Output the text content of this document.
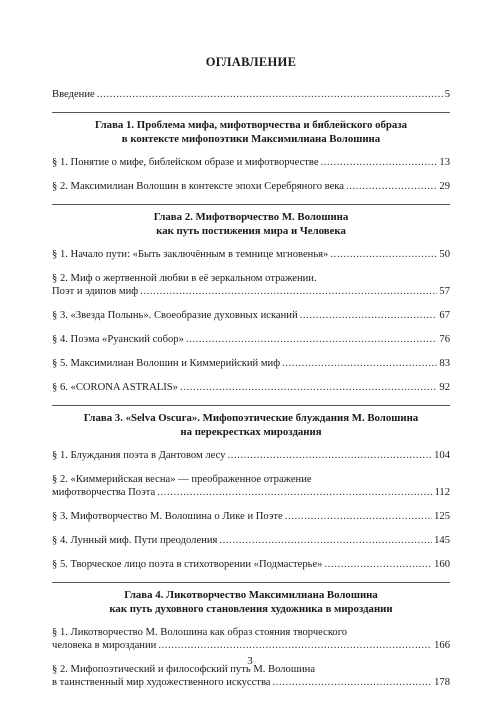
ОГЛАВЛЕНИЕ
Введение .....	5
Глава 1. Проблема мифа, мифотворчества и библейского образа
в контексте мифопоэтики Максимилиана Волошина
§ 1. Понятие о мифе, библейском образе и мифотворчестве .....	13
§ 2. Максимилиан Волошин в контексте эпохи Серебряного века .....	29
Глава 2. Мифотворчество М. Волошина
как путь постижения мира и Человека
§ 1. Начало пути: «Быть заключённым в темнице мгновенья» .....	50
§ 2. Миф о жертвенной любви в её зеркальном отражении.
Поэт и эдипов миф .....	57
§ 3. «Звезда Полынь». Своеобразие духовных исканий .....	67
§ 4. Поэма «Руанский собор» .....	76
§ 5. Максимилиан Волошин и Киммерийский миф .....	83
§ 6. «CORONA ASTRALIS» .....	92
Глава 3. «Selva Oscura». Мифопоэтические блуждания М. Волошина
на перекрестках мироздания
§ 1. Блуждания поэта в Дантовом лесу .....	104
§ 2. «Киммерийская весна» — преображенное отражение
мифотворчества Поэта .....	112
§ 3. Мифотворчество М. Волошина о Лике и Поэте .....	125
§ 4. Лунный миф. Пути преодоления .....	145
§ 5. Творческое лицо поэта в стихотворении «Подмастерье» .....	160
Глава 4. Ликотворчество Максимилиана Волошина
как путь духовного становления художника в мироздании
§ 1. Ликотворчество М. Волошина как образ стояния творческого
человека в мироздании .....	166
§ 2. Мифопоэтический и философский путь М. Волошина
в таинственный мир художественного искусства .....	178
3
